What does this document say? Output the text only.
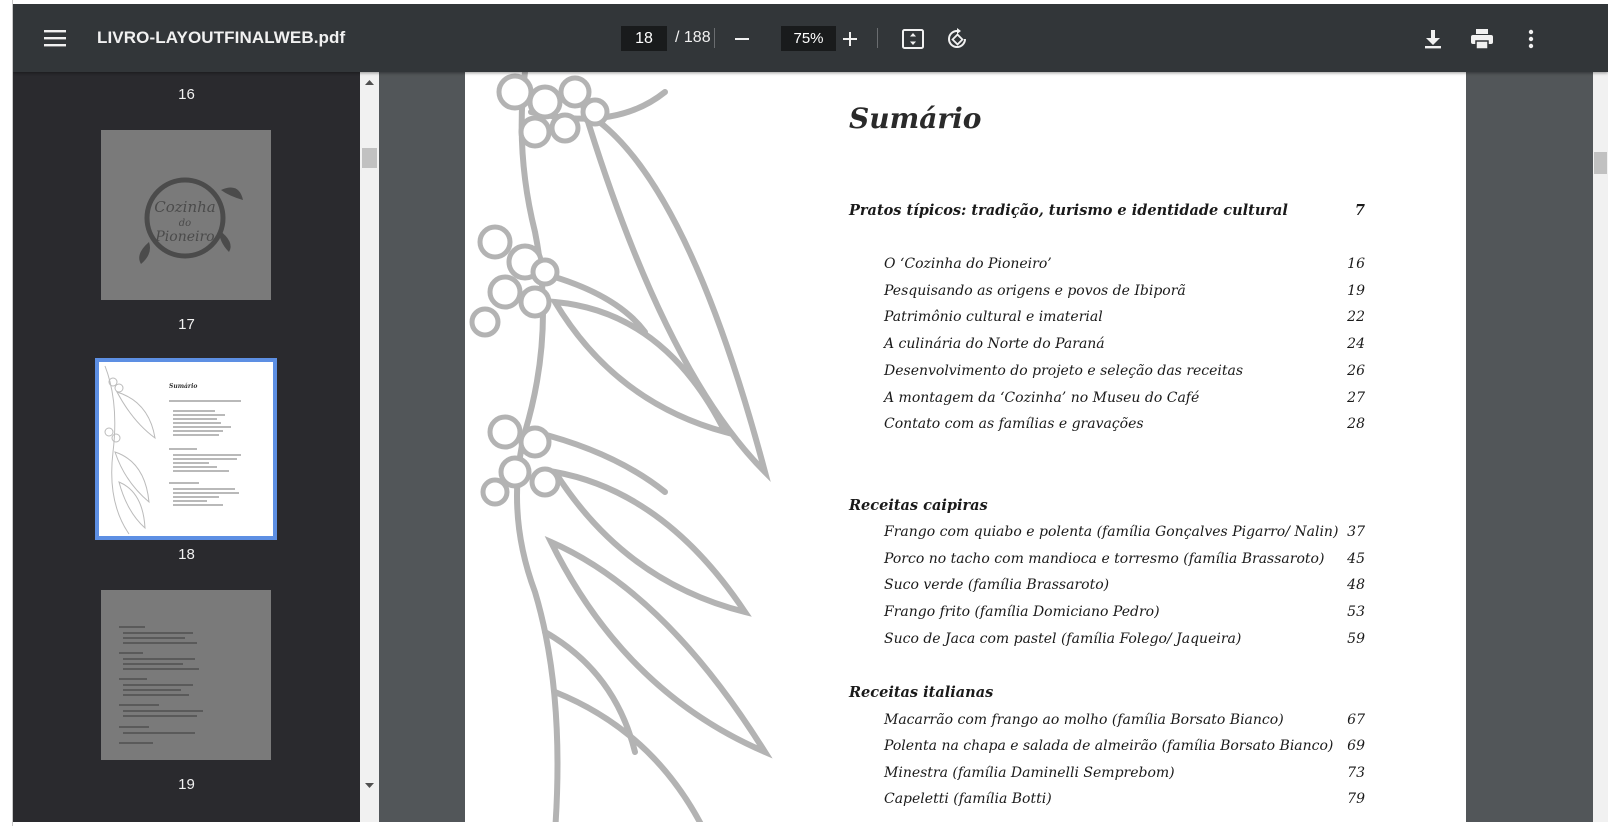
LIVRO-LAYOUTFINALWEB.pdf	18	/ 188	75%
16
Cozinha
do
Pioneiro
17
Sumário
18
19
Sumário
Pratos típicos: tradição, turismo e identidade cultural	7
O ‘Cozinha do Pioneiro’	16
Pesquisando as origens e povos de Ibiporã	19
Patrimônio cultural e imaterial	22
A culinária do Norte do Paraná	24
Desenvolvimento do projeto e seleção das receitas	26
A montagem da ‘Cozinha’ no Museu do Café	27
Contato com as famílias e gravações	28
Receitas caipiras
Frango com quiabo e polenta (família Gonçalves Pigarro/ Nalin) 37
Porco no tacho com mandioca e torresmo (família Brassaroto)	45
Suco verde (família Brassaroto)	48
Frango frito (família Domiciano Pedro)	53
Suco de Jaca com pastel (família Folego/ Jaqueira)	59
Receitas italianas
Macarrão com frango ao molho (família Borsato Bianco)	67
Polenta na chapa e salada de almeirão (família Borsato Bianco) 69
Minestra (família Daminelli Semprebom)	73
Capeletti (família Botti)	79
